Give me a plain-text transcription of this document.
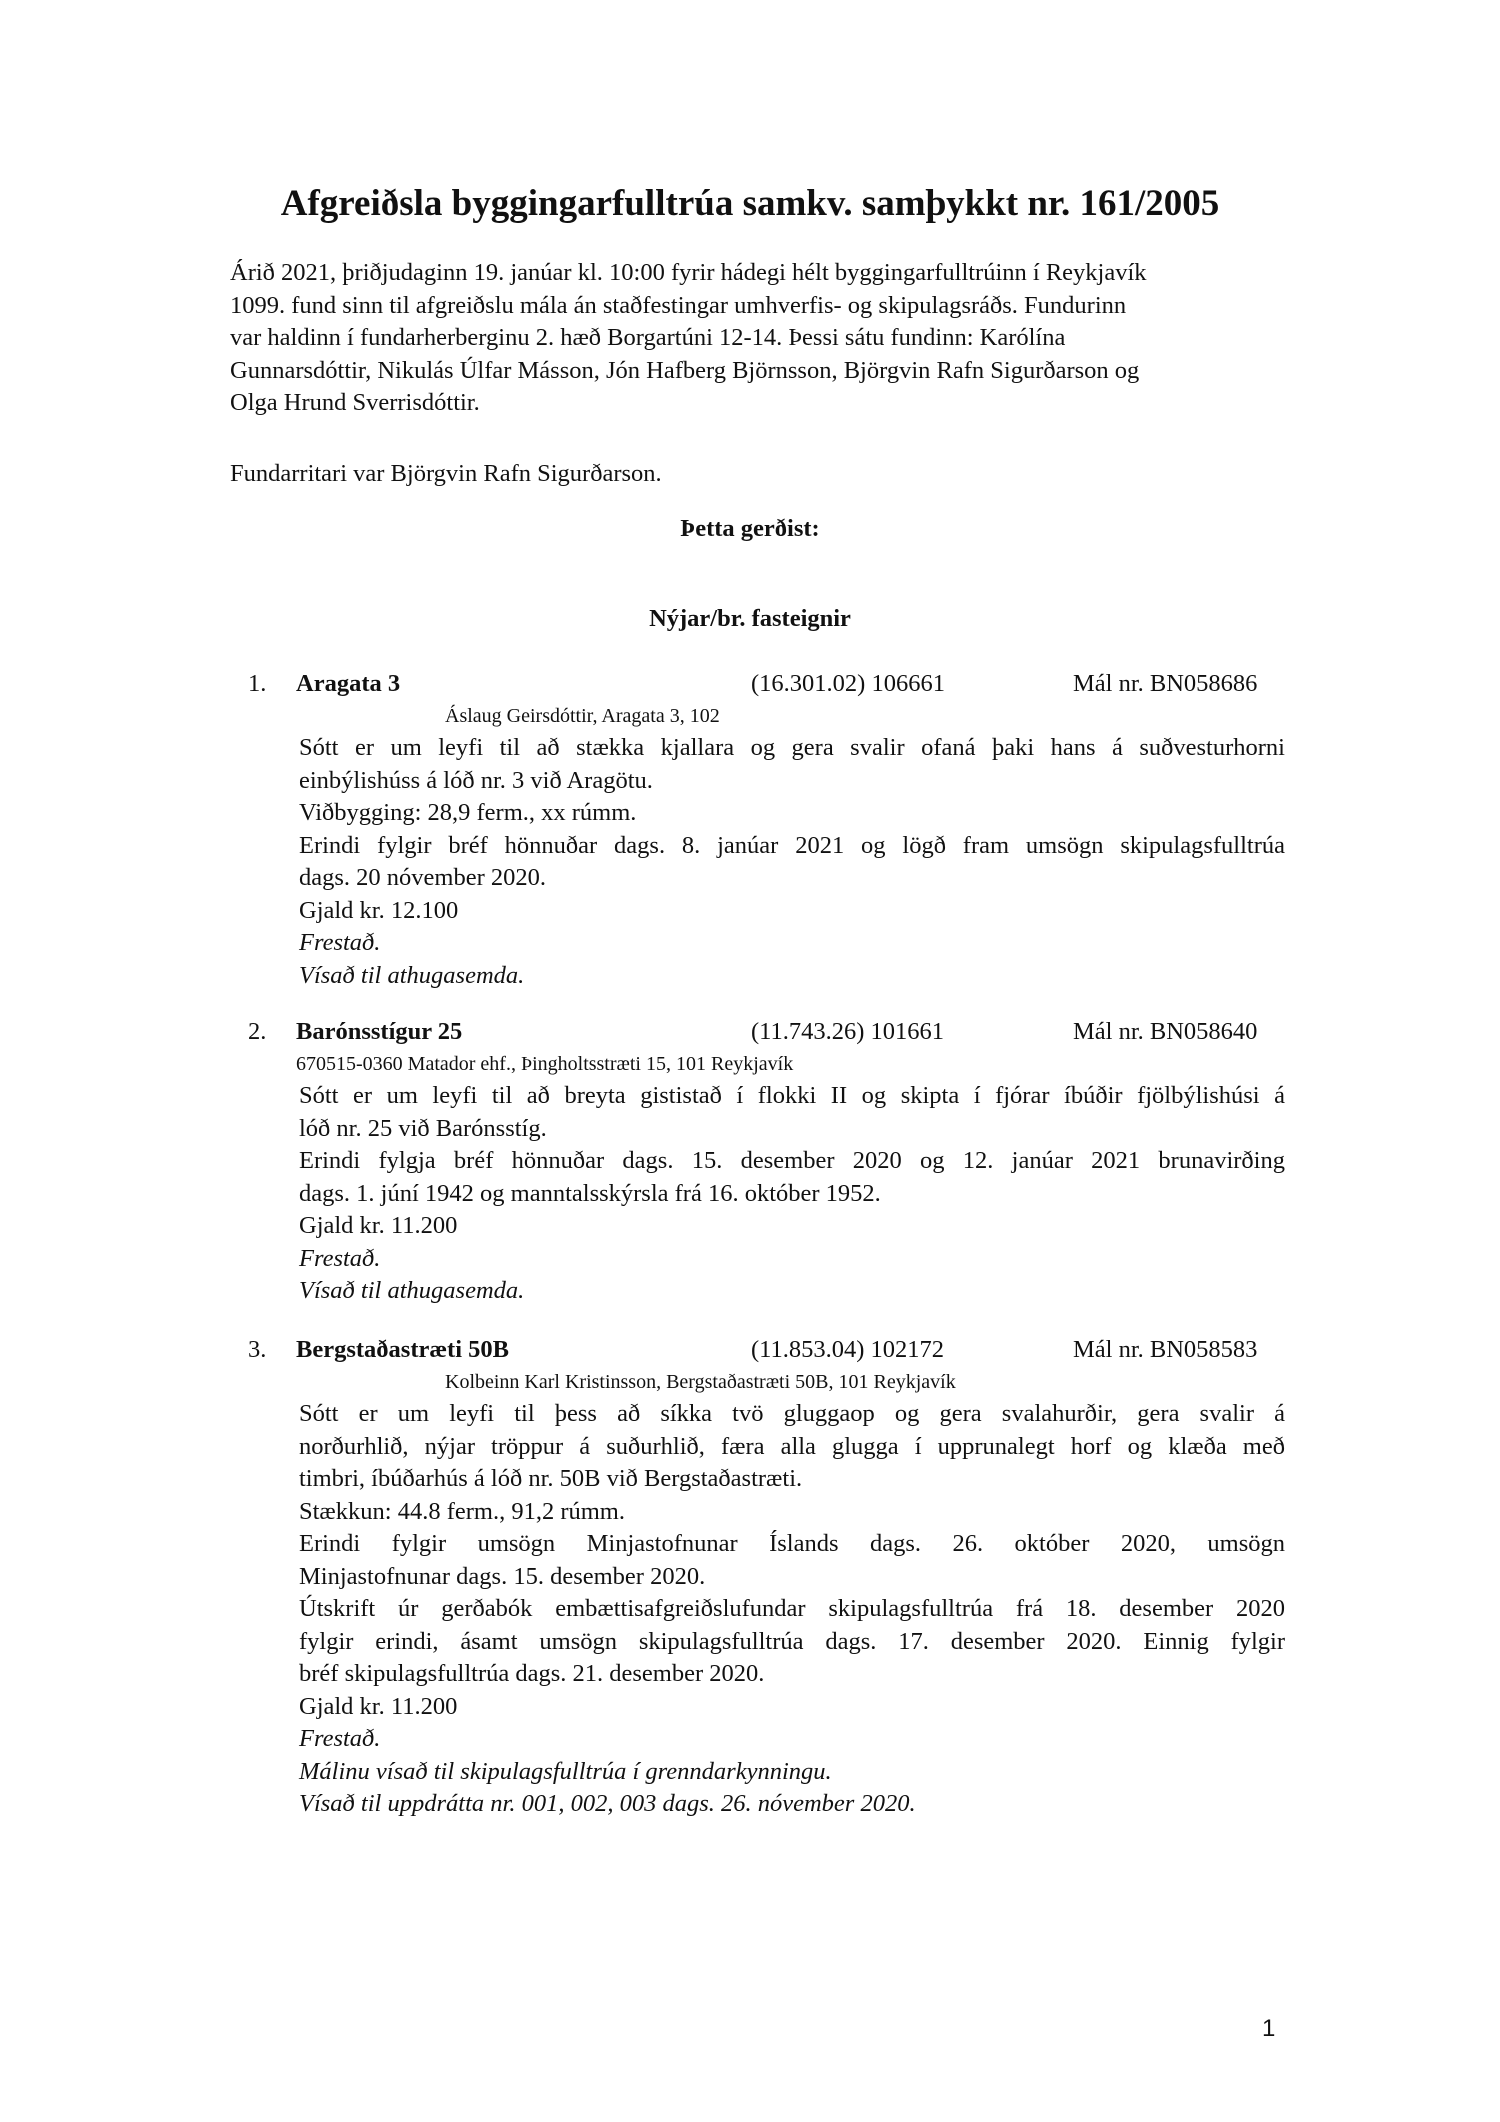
Afgreiðsla byggingarfulltrúa samkv. samþykkt nr. 161/2005

Árið 2021, þriðjudaginn 19. janúar kl. 10:00 fyrir hádegi hélt byggingarfulltrúinn í Reykjavík
1099. fund sinn til afgreiðslu mála án staðfestingar umhverfis- og skipulagsráðs. Fundurinn
var haldinn í fundarherberginu 2. hæð Borgartúni 12-14. Þessi sátu fundinn: Karólína
Gunnarsdóttir, Nikulás Úlfar Másson, Jón Hafberg Björnsson, Björgvin Rafn Sigurðarson og
Olga Hrund Sverrisdóttir.

Fundarritari var Björgvin Rafn Sigurðarson.

Þetta gerðist:

Nýjar/br. fasteignir

1. Aragata 3	(16.301.02) 106661	Mál nr. BN058686
Áslaug Geirsdóttir, Aragata 3, 102
Sótt er um leyfi til að stækka kjallara og gera svalir ofaná þaki hans á suðvesturhorni
einbýlishúss á lóð nr. 3 við Aragötu.
Viðbygging: 28,9 ferm., xx rúmm.
Erindi fylgir bréf hönnuðar dags. 8. janúar 2021 og lögð fram umsögn skipulagsfulltrúa
dags. 20 nóvember 2020.
Gjald kr. 12.100
Frestað.
Vísað til athugasemda.
2. Barónsstígur 25	(11.743.26) 101661	Mál nr. BN058640
670515-0360 Matador ehf., Þingholtsstræti 15, 101 Reykjavík
Sótt er um leyfi til að breyta gististað í flokki II og skipta í fjórar íbúðir fjölbýlishúsi á
lóð nr. 25 við Barónsstíg.
Erindi fylgja bréf hönnuðar dags. 15. desember 2020 og 12. janúar 2021 brunavirðing
dags. 1. júní 1942 og manntalsskýrsla frá 16. október 1952.
Gjald kr. 11.200
Frestað.
Vísað til athugasemda.
3. Bergstaðastræti 50B	(11.853.04) 102172	Mál nr. BN058583
Kolbeinn Karl Kristinsson, Bergstaðastræti 50B, 101 Reykjavík
Sótt er um leyfi til þess að síkka tvö gluggaop og gera svalahurðir, gera svalir á
norðurhlið, nýjar tröppur á suðurhlið, færa alla glugga í upprunalegt horf og klæða með
timbri, íbúðarhús á lóð nr. 50B við Bergstaðastræti.
Stækkun: 44.8 ferm., 91,2 rúmm.
Erindi fylgir umsögn Minjastofnunar Íslands dags. 26. október 2020, umsögn
Minjastofnunar dags. 15. desember 2020.
Útskrift úr gerðabók embættisafgreiðslufundar skipulagsfulltrúa frá 18. desember 2020
fylgir erindi, ásamt umsögn skipulagsfulltrúa dags. 17. desember 2020. Einnig fylgir
bréf skipulagsfulltrúa dags. 21. desember 2020.
Gjald kr. 11.200
Frestað.
Málinu vísað til skipulagsfulltrúa í grenndarkynningu.
Vísað til uppdrátta nr. 001, 002, 003 dags. 26. nóvember 2020.
1
